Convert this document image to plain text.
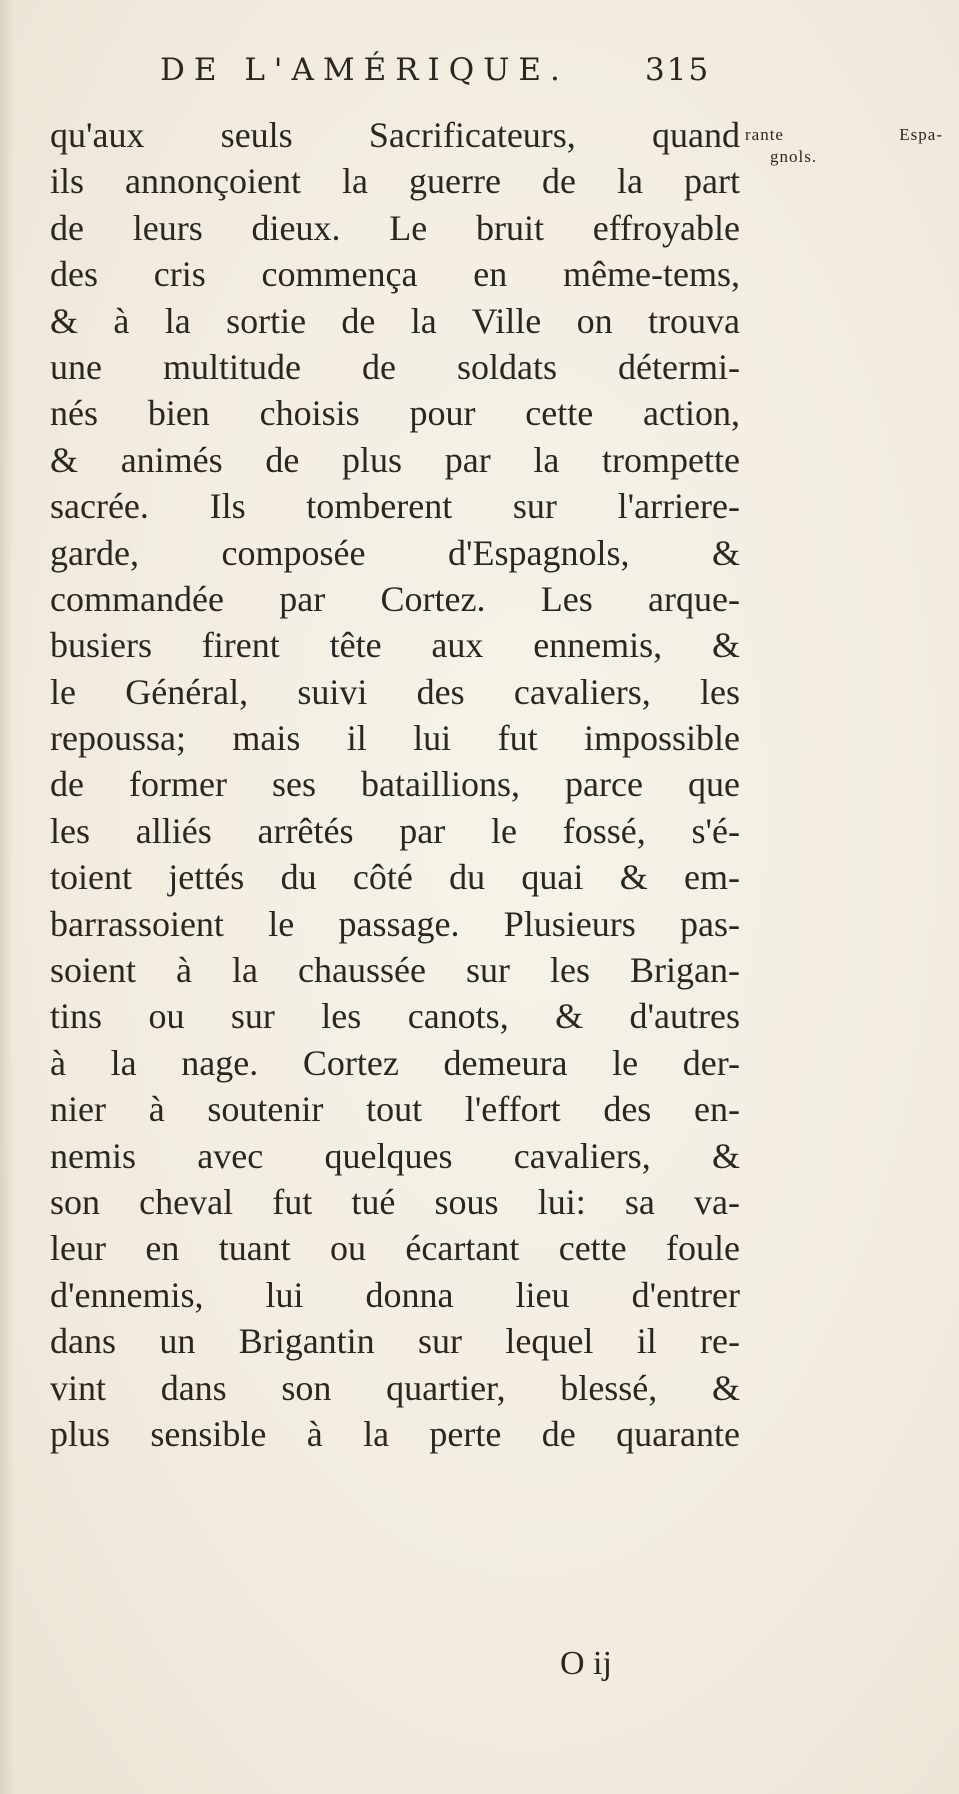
DE L'AMÉRIQUE. 315
rante	Espa-
gnols.
qu'aux seuls Sacrificateurs, quand
ils annonçoient la guerre de la part
de leurs dieux. Le bruit effroyable
des cris commença en même-tems,
& à la sortie de la Ville on trouva
une multitude de soldats détermi-
nés bien choisis pour cette action,
& animés de plus par la trompette
sacrée. Ils tomberent sur l'arriere-
garde, composée d'Espagnols, &
commandée par Cortez. Les arque-
busiers firent tête aux ennemis, &
le Général, suivi des cavaliers, les
repoussa; mais il lui fut impossible
de former ses bataillions, parce que
les alliés arrêtés par le fossé, s'é-
toient jettés du côté du quai & em-
barrassoient le passage. Plusieurs pas-
soient à la chaussée sur les Brigan-
tins ou sur les canots, & d'autres
à la nage. Cortez demeura le der-
nier à soutenir tout l'effort des en-
nemis avec quelques cavaliers, &
son cheval fut tué sous lui: sa va-
leur en tuant ou écartant cette foule
d'ennemis, lui donna lieu d'entrer
dans un Brigantin sur lequel il re-
vint dans son quartier, blessé, &
plus sensible à la perte de quarante
O ij
